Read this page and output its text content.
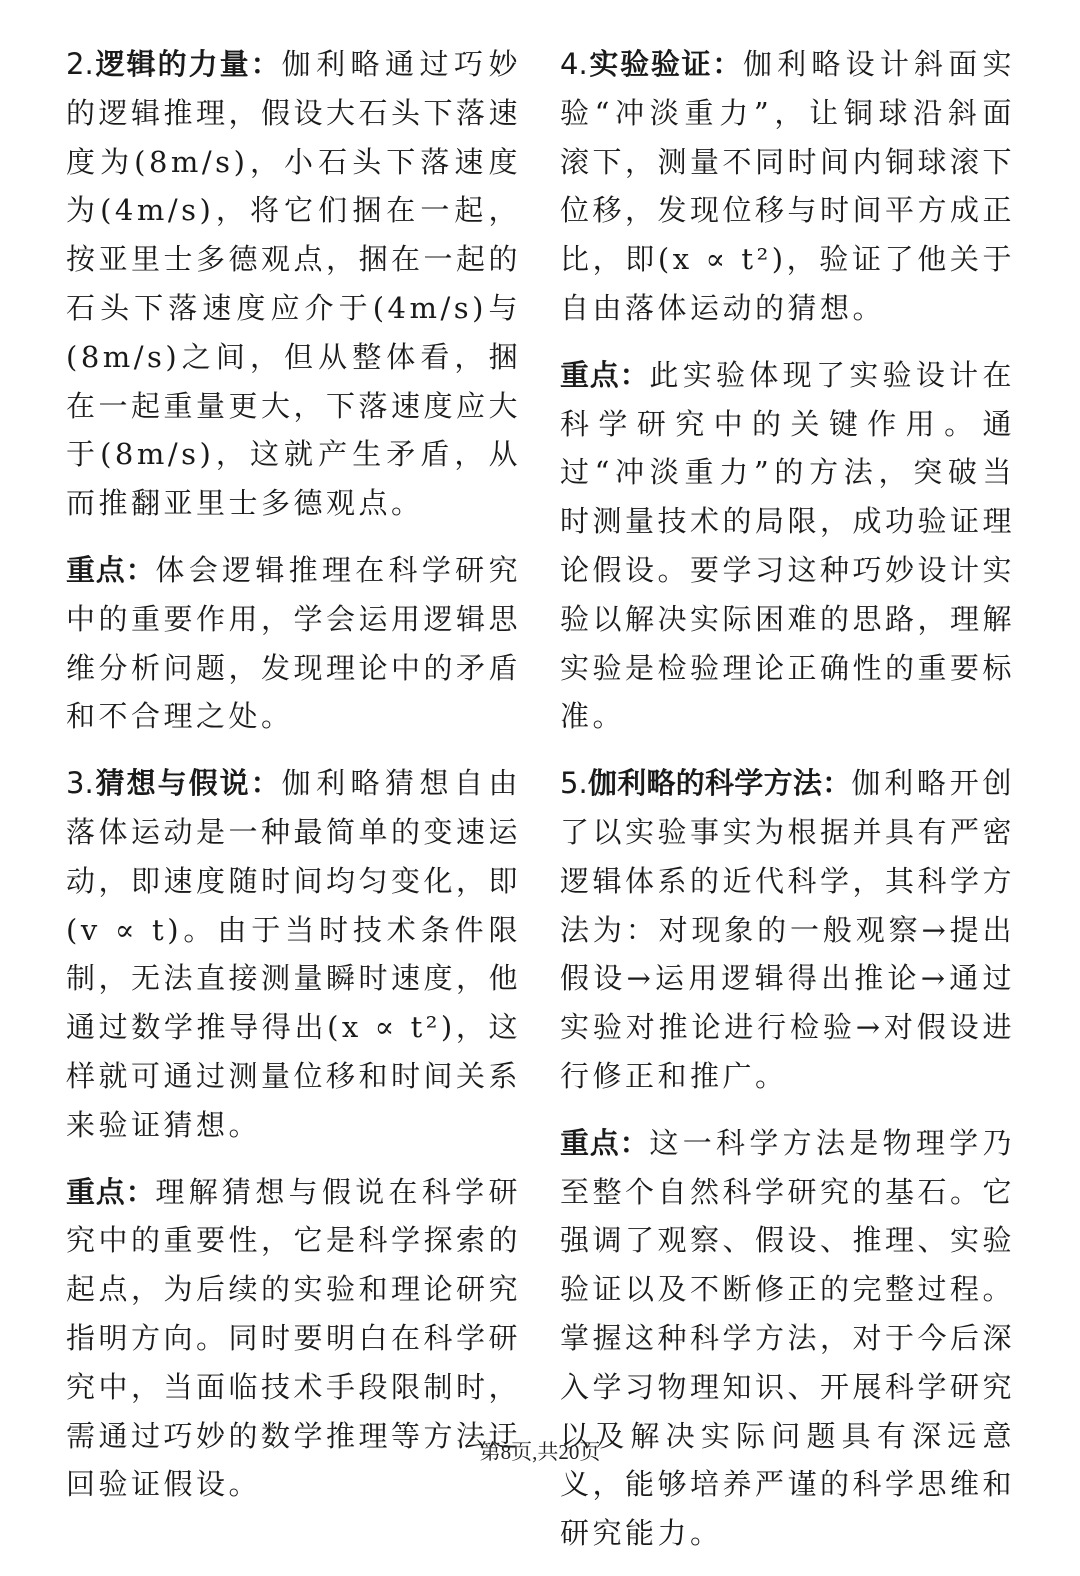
2.逻辑的力量：伽利略通过巧妙的逻辑推理，假设大石头下落速度为(8m/s)，小石头下落速度为(4m/s)，将它们捆在一起，按亚里士多德观点，捆在一起的石头下落速度应介于(4m/s)与(8m/s)之间，但从整体看，捆在一起重量更大，下落速度应大于(8m/s)，这就产生矛盾，从而推翻亚里士多德观点。

重点：体会逻辑推理在科学研究中的重要作用，学会运用逻辑思维分析问题，发现理论中的矛盾和不合理之处。

3.猜想与假说：伽利略猜想自由落体运动是一种最简单的变速运动，即速度随时间均匀变化，即(v ∝ t)。由于当时技术条件限制，无法直接测量瞬时速度，他通过数学推导得出(x ∝ t²)，这样就可通过测量位移和时间关系来验证猜想。

重点：理解猜想与假说在科学研究中的重要性，它是科学探索的起点，为后续的实验和理论研究指明方向。同时要明白在科学研究中，当面临技术手段限制时，需通过巧妙的数学推理等方法迂回验证假设。

4.实验验证：伽利略设计斜面实验“冲淡重力”，让铜球沿斜面滚下，测量不同时间内铜球滚下位移，发现位移与时间平方成正比，即(x ∝ t²)，验证了他关于自由落体运动的猜想。

重点：此实验体现了实验设计在科学研究中的关键作用。通过“冲淡重力”的方法，突破当时测量技术的局限，成功验证理论假设。要学习这种巧妙设计实验以解决实际困难的思路，理解实验是检验理论正确性的重要标准。

5.伽利略的科学方法：伽利略开创了以实验事实为根据并具有严密逻辑体系的近代科学，其科学方法为：对现象的一般观察→提出假设→运用逻辑得出推论→通过实验对推论进行检验→对假设进行修正和推广。

重点：这一科学方法是物理学乃至整个自然科学研究的基石。它强调了观察、假设、推理、实验验证以及不断修正的完整过程。掌握这种科学方法，对于今后深入学习物理知识、开展科学研究以及解决实际问题具有深远意义，能够培养严谨的科学思维和研究能力。

第8页,共20页
